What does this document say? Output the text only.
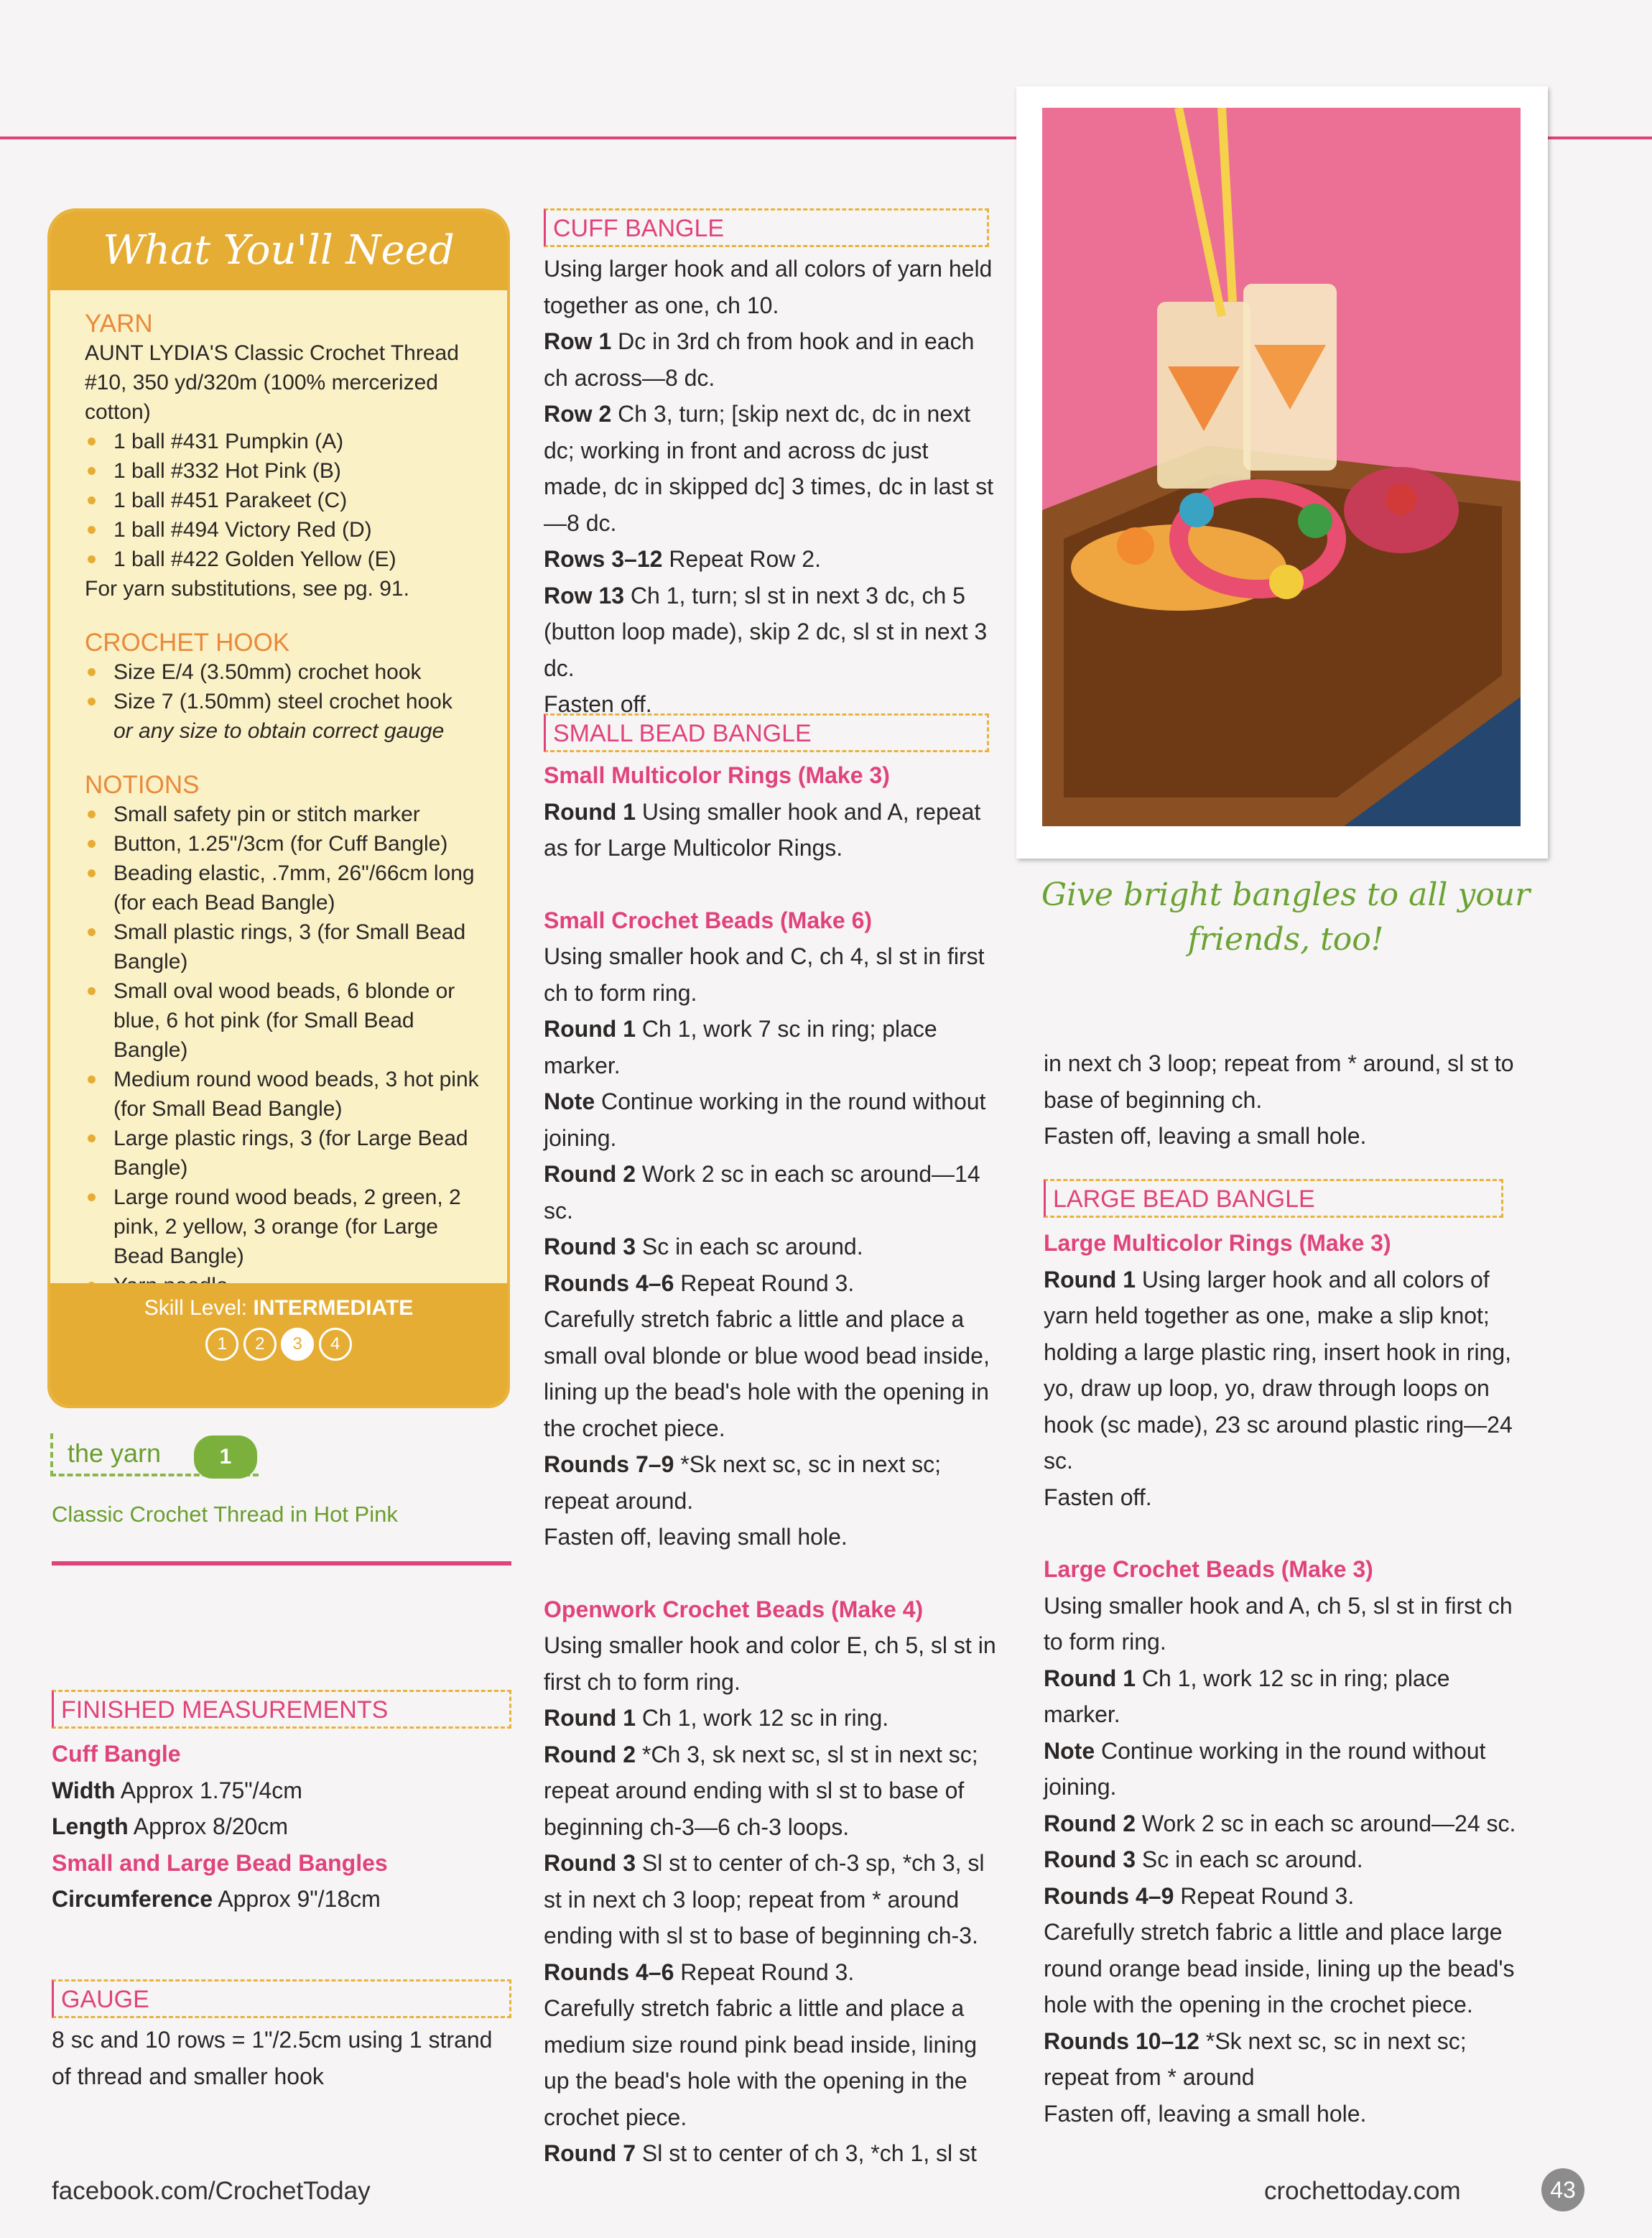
What You'll Need
YARN
AUNT LYDIA'S Classic Crochet Thread #10, 350 yd/320m (100% mercerized cotton)
1 ball #431 Pumpkin (A)
1 ball #332 Hot Pink (B)
1 ball #451 Parakeet (C)
1 ball #494 Victory Red (D)
1 ball #422 Golden Yellow (E)
For yarn substitutions, see pg. 91.
CROCHET HOOK
Size E/4 (3.50mm) crochet hook
Size 7 (1.50mm) steel crochet hook
or any size to obtain correct gauge
NOTIONS
Small safety pin or stitch marker
Button, 1.25"/3cm (for Cuff Bangle)
Beading elastic, .7mm, 26"/66cm long (for each Bead Bangle)
Small plastic rings, 3 (for Small Bead Bangle)
Small oval wood beads, 6 blonde or blue, 6 hot pink (for Small Bead Bangle)
Medium round wood beads, 3 hot pink (for Small Bead Bangle)
Large plastic rings, 3 (for Large Bead Bangle)
Large round wood beads, 2 green, 2 pink, 2 yellow, 3 orange (for Large Bead Bangle)
Skill Level: INTERMEDIATE
1 2 3 4
the yarn	1
Classic Crochet Thread in Hot Pink
FINISHED MEASUREMENTS

Cuff Bangle

Width Approx 1.75"/4cm

Length Approx 8/20cm

Small and Large Bead Bangles

Circumference Approx 9"/18cm

GAUGE
8 sc and 10 rows = 1"/2.5cm using 1 strand of thread and smaller hook
CUFF BANGLE

Using larger hook and all colors of yarn held together as one, ch 10.

Row 1 Dc in 3rd ch from hook and in each ch across—8 dc.

Row 2 Ch 3, turn; [skip next dc, dc in next dc; working in front and across dc just made, dc in skipped dc] 3 times, dc in last st—8 dc.

Rows 3–12 Repeat Row 2.

Row 13 Ch 1, turn; sl st in next 3 dc, ch 5 (button loop made), skip 2 dc, sl st in next 3 dc.

Fasten off.

SMALL BEAD BANGLE

Small Multicolor Rings (Make 3)

Round 1 Using smaller hook and A, repeat as for Large Multicolor Rings.

Small Crochet Beads (Make 6)

Using smaller hook and C, ch 4, sl st in first ch to form ring.

Round 1 Ch 1, work 7 sc in ring; place marker.

Note Continue working in the round without joining.

Round 2 Work 2 sc in each sc around—14 sc.

Round 3 Sc in each sc around.

Rounds 4–6 Repeat Round 3.

Carefully stretch fabric a little and place a small oval blonde or blue wood bead inside, lining up the bead's hole with the opening in the crochet piece.

Rounds 7–9 *Sk next sc, sc in next sc; repeat around.

Fasten off, leaving small hole.

Openwork Crochet Beads (Make 4)

Using smaller hook and color E, ch 5, sl st in first ch to form ring.

Round 1 Ch 1, work 12 sc in ring.

Round 2 *Ch 3, sk next sc, sl st in next sc; repeat around ending with sl st to base of beginning ch-3—6 ch-3 loops.

Round 3 Sl st to center of ch-3 sp, *ch 3, sl st in next ch 3 loop; repeat from * around ending with sl st to base of beginning ch-3.

Rounds 4–6 Repeat Round 3.

Carefully stretch fabric a little and place a medium size round pink bead inside, lining up the bead's hole with the opening in the crochet piece.

Round 7 Sl st to center of ch 3, *ch 1, sl st

Give bright bangles to all your friends, too!

in next ch 3 loop; repeat from * around, sl st to base of beginning ch.

Fasten off, leaving a small hole.

LARGE BEAD BANGLE

Large Multicolor Rings (Make 3)

Round 1 Using larger hook and all colors of yarn held together as one, make a slip knot; holding a large plastic ring, insert hook in ring, yo, draw up loop, yo, draw through loops on hook (sc made), 23 sc around plastic ring—24 sc.

Fasten off.

Large Crochet Beads (Make 3)

Using smaller hook and A, ch 5, sl st in first ch to form ring.

Round 1 Ch 1, work 12 sc in ring; place marker.

Note Continue working in the round without joining.

Round 2 Work 2 sc in each sc around—24 sc.

Round 3 Sc in each sc around.

Rounds 4–9 Repeat Round 3.

Carefully stretch fabric a little and place large round orange bead inside, lining up the bead's hole with the opening in the crochet piece.

Rounds 10–12 *Sk next sc, sc in next sc; repeat from * around

Fasten off, leaving a small hole.

facebook.com/CrochetToday	crochettoday.com	43
